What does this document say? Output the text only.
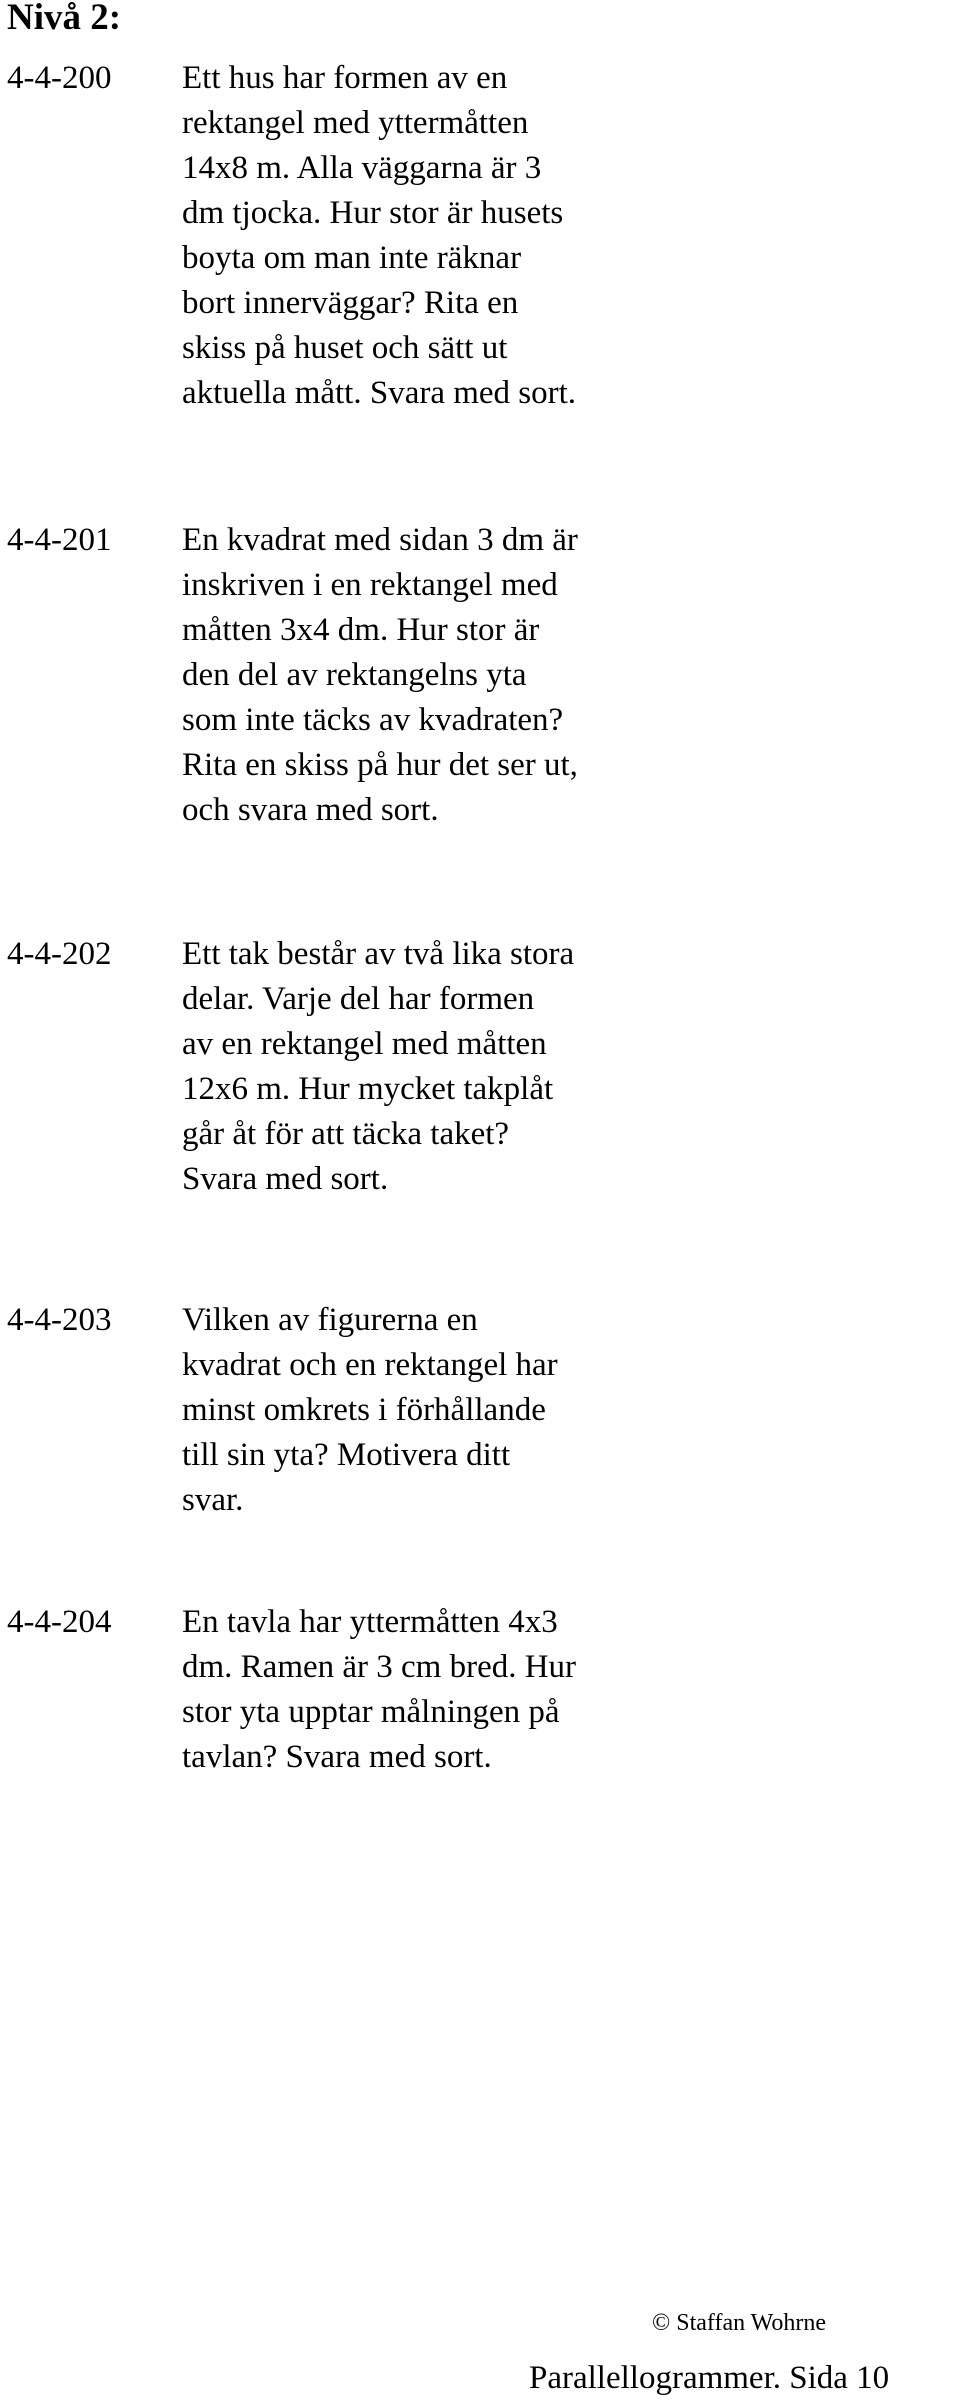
Nivå 2:
4-4-200 Ett hus har formen av en
rektangel med yttermåtten
14x8 m. Alla väggarna är 3
dm tjocka. Hur stor är husets
boyta om man inte räknar
bort innerväggar? Rita en
skiss på huset och sätt ut
aktuella mått. Svara med sort.
4-4-201 En kvadrat med sidan 3 dm är
inskriven i en rektangel med
måtten 3x4 dm. Hur stor är
den del av rektangelns yta
som inte täcks av kvadraten?
Rita en skiss på hur det ser ut,
och svara med sort.
4-4-202 Ett tak består av två lika stora
delar. Varje del har formen
av en rektangel med måtten
12x6 m. Hur mycket takplåt
går åt för att täcka taket?
Svara med sort.
4-4-203 Vilken av figurerna en
kvadrat och en rektangel har
minst omkrets i förhållande
till sin yta? Motivera ditt
svar.
4-4-204 En tavla har yttermåtten 4x3
dm. Ramen är 3 cm bred. Hur
stor yta upptar målningen på
tavlan? Svara med sort.
© Staffan Wohrne
Parallellogrammer. Sida 10
